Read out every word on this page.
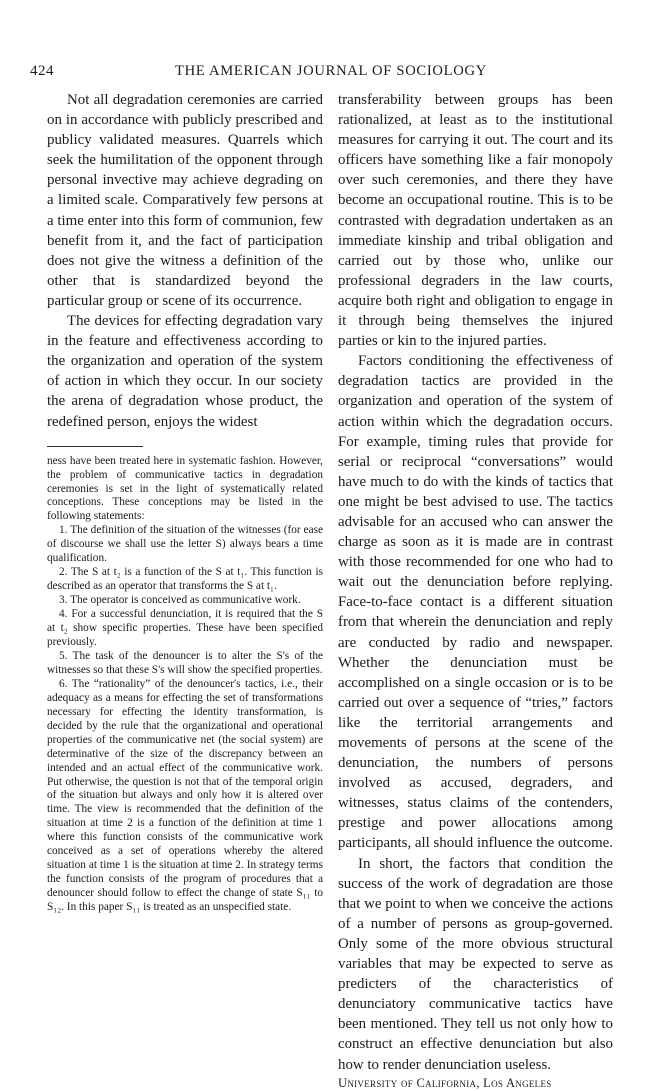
424	THE AMERICAN JOURNAL OF SOCIOLOGY

Not all degradation ceremonies are carried on in accordance with publicly prescribed and publicy validated measures. Quarrels which seek the humilitation of the opponent through personal invective may achieve degrading on a limited scale. Comparatively few persons at a time enter into this form of communion, few benefit from it, and the fact of participation does not give the witness a definition of the other that is standardized beyond the particular group or scene of its occurrence.

The devices for effecting degradation vary in the feature and effectiveness according to the organization and operation of the system of action in which they occur. In our society the arena of degradation whose product, the redefined person, enjoys the widest

ness have been treated here in systematic fashion. However, the problem of communicative tactics in degradation ceremonies is set in the light of systematically related conceptions. These conceptions may be listed in the following statements:

1. The definition of the situation of the witnesses (for ease of discourse we shall use the letter S) always bears a time qualification.

2. The S at t₂ is a function of the S at t₁. This function is described as an operator that transforms the S at t₁.

3. The operator is conceived as communicative work.

4. For a successful denunciation, it is required that the S at t₂ show specific properties. These have been specified previously.

5. The task of the denouncer is to alter the S's of the witnesses so that these S's will show the specified properties.

6. The “rationality” of the denouncer's tactics, i.e., their adequacy as a means for effecting the set of transformations necessary for effecting the identity transformation, is decided by the rule that the organizational and operational properties of the communicative net (the social system) are determinative of the size of the discrepancy between an intended and an actual effect of the communicative work. Put otherwise, the question is not that of the temporal origin of the situation but always and only how it is altered over time. The view is recommended that the definition of the situation at time 2 is a function of the definition at time 1 where this function consists of the communicative work conceived as a set of operations whereby the altered situation at time 1 is the situation at time 2. In strategy terms the function consists of the program of procedures that a denouncer should follow to effect the change of state S₁₁ to S₁₂. In this paper S₁₁ is treated as an unspecified state.

transferability between groups has been rationalized, at least as to the institutional measures for carrying it out. The court and its officers have something like a fair monopoly over such ceremonies, and there they have become an occupational routine. This is to be contrasted with degradation undertaken as an immediate kinship and tribal obligation and carried out by those who, unlike our professional degraders in the law courts, acquire both right and obligation to engage in it through being themselves the injured parties or kin to the injured parties.

Factors conditioning the effectiveness of degradation tactics are provided in the organization and operation of the system of action within which the degradation occurs. For example, timing rules that provide for serial or reciprocal “conversations” would have much to do with the kinds of tactics that one might be best advised to use. The tactics advisable for an accused who can answer the charge as soon as it is made are in contrast with those recommended for one who had to wait out the denunciation before replying. Face-to-face contact is a different situation from that wherein the denunciation and reply are conducted by radio and newspaper. Whether the denunciation must be accomplished on a single occasion or is to be carried out over a sequence of “tries,” factors like the territorial arrangements and movements of persons at the scene of the denunciation, the numbers of persons involved as accused, degraders, and witnesses, status claims of the contenders, prestige and power allocations among participants, all should influence the outcome.

In short, the factors that condition the success of the work of degradation are those that we point to when we conceive the actions of a number of persons as group-governed. Only some of the more obvious structural variables that may be expected to serve as predicters of the characteristics of denunciatory communicative tactics have been mentioned. They tell us not only how to construct an effective denunciation but also how to render denunciation useless.

University of California, Los Angeles
